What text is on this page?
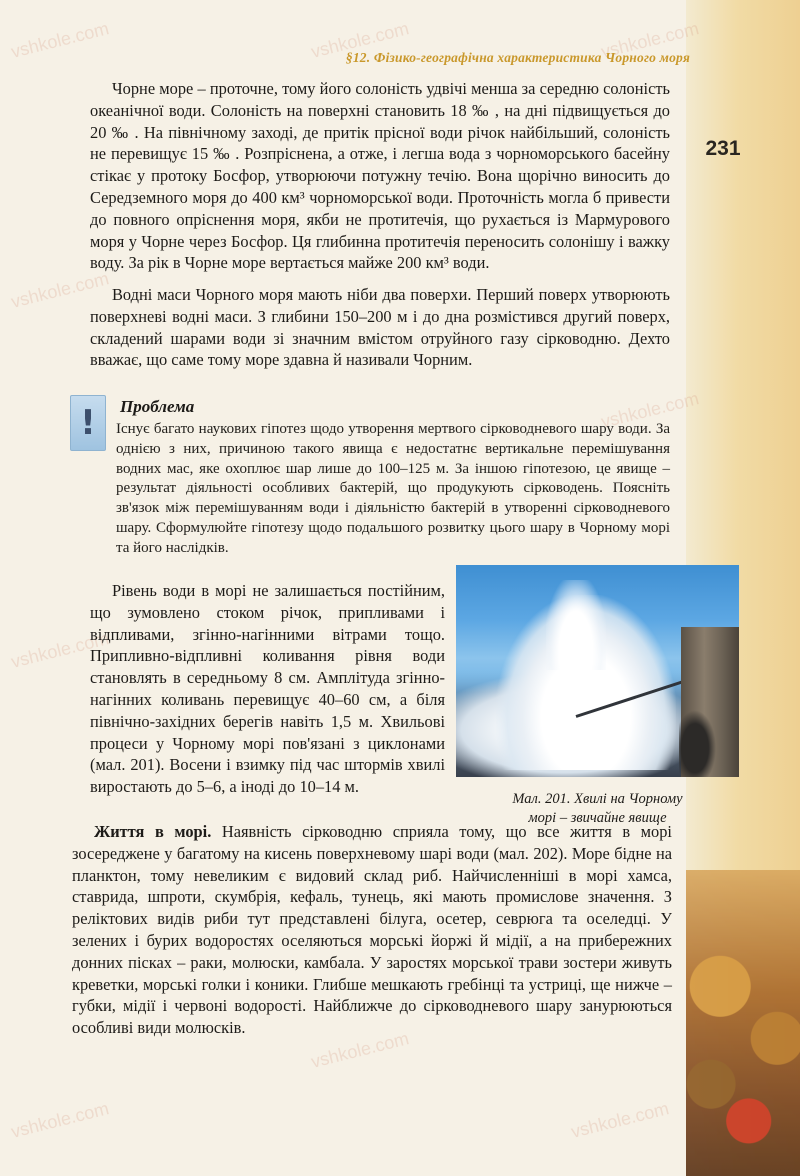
vshkole.com	vshkole.com	vshkole.com
vshkole.com
vshkole.com
vshkole.com
vshkole.com
vshkole.com	vshkole.com
§12. Фізико-географічна характеристика Чорного моря
231

Чорне море – проточне, тому його солоність удвічі менша за середню солоність океанічної води. Солоність на поверхні становить 18 ‰ , на дні підвищується до 20 ‰ . На північному заході, де притік прісної води річок найбільший, солоність не перевищує 15 ‰ . Розпріснена, а отже, і легша вода з чорноморського басейну стікає у протоку Босфор, утворюючи потужну течію. Вона щорічно виносить до Середземного моря до 400 км³ чорноморської води. Проточність могла б привести до повного опріснення моря, якби не протитечія, що рухається із Мармурового моря у Чорне через Босфор. Ця глибинна протитечія переносить солонішу і важку воду. За рік в Чорне море вертається майже 200 км³ води.

Водні маси Чорного моря мають ніби два поверхи. Перший поверх утворюють поверхневі водні маси. З глибини 150–200 м і до дна розмістився другий поверх, складений шарами води зі значним вмістом отруйного газу сірководню. Дехто вважає, що саме тому море здавна й називали Чорним.

!	Проблема
Існує багато наукових гіпотез щодо утворення мертвого сірководневого шару води. За однією з них, причиною такого явища є недостатнє вертикальне перемішування водних мас, яке охоплює шар лише до 100–125 м. За іншою гіпотезою, це явище – результат діяльності особливих бактерій, що продукують сірководень. Поясніть зв'язок між перемішуванням води і діяльністю бактерій в утворенні сірководневого шару. Сформулюйте гіпотезу щодо подальшого розвитку цього шару в Чорному морі та його наслідків.

Рівень води в морі не залишається постійним, що зумовлено стоком річок, припливами і відпливами, згінно-нагінними вітрами тощо. Припливно-відпливні коливання рівня води становлять в середньому 8 см. Амплітуда згінно-нагінних коливань перевищує 40–60 см, а біля північно-західних берегів навіть 1,5 м. Хвильові процеси у Чорному морі пов'язані з циклонами (мал. 201). Восени і взимку під час штормів хвилі виростають до 5–6, а іноді до 10–14 м.

Мал. 201. Хвилі на Чорному
морі – звичайне явище

Життя в морі. Наявність сірководню сприяла тому, що все життя в морі зосереджене у багатому на кисень поверхневому шарі води (мал. 202). Море бідне на планктон, тому невеликим є видовий склад риб. Найчисленніші в морі хамса, ставрида, шпроти, скумбрія, кефаль, тунець, які мають промислове значення. З реліктових видів риби тут представлені білуга, осетер, севрюга та оселедці. У зелених і бурих водоростях оселяються морські йоржі й мідії, а на прибережних донних пісках – раки, молюски, камбала. У заростях морської трави зостери живуть креветки, морські голки і коники. Глибше мешкають гребінці та устриці, ще нижче – губки, мідії і червоні водорості. Найближче до сірководневого шару занурюються особливі види молюсків.
